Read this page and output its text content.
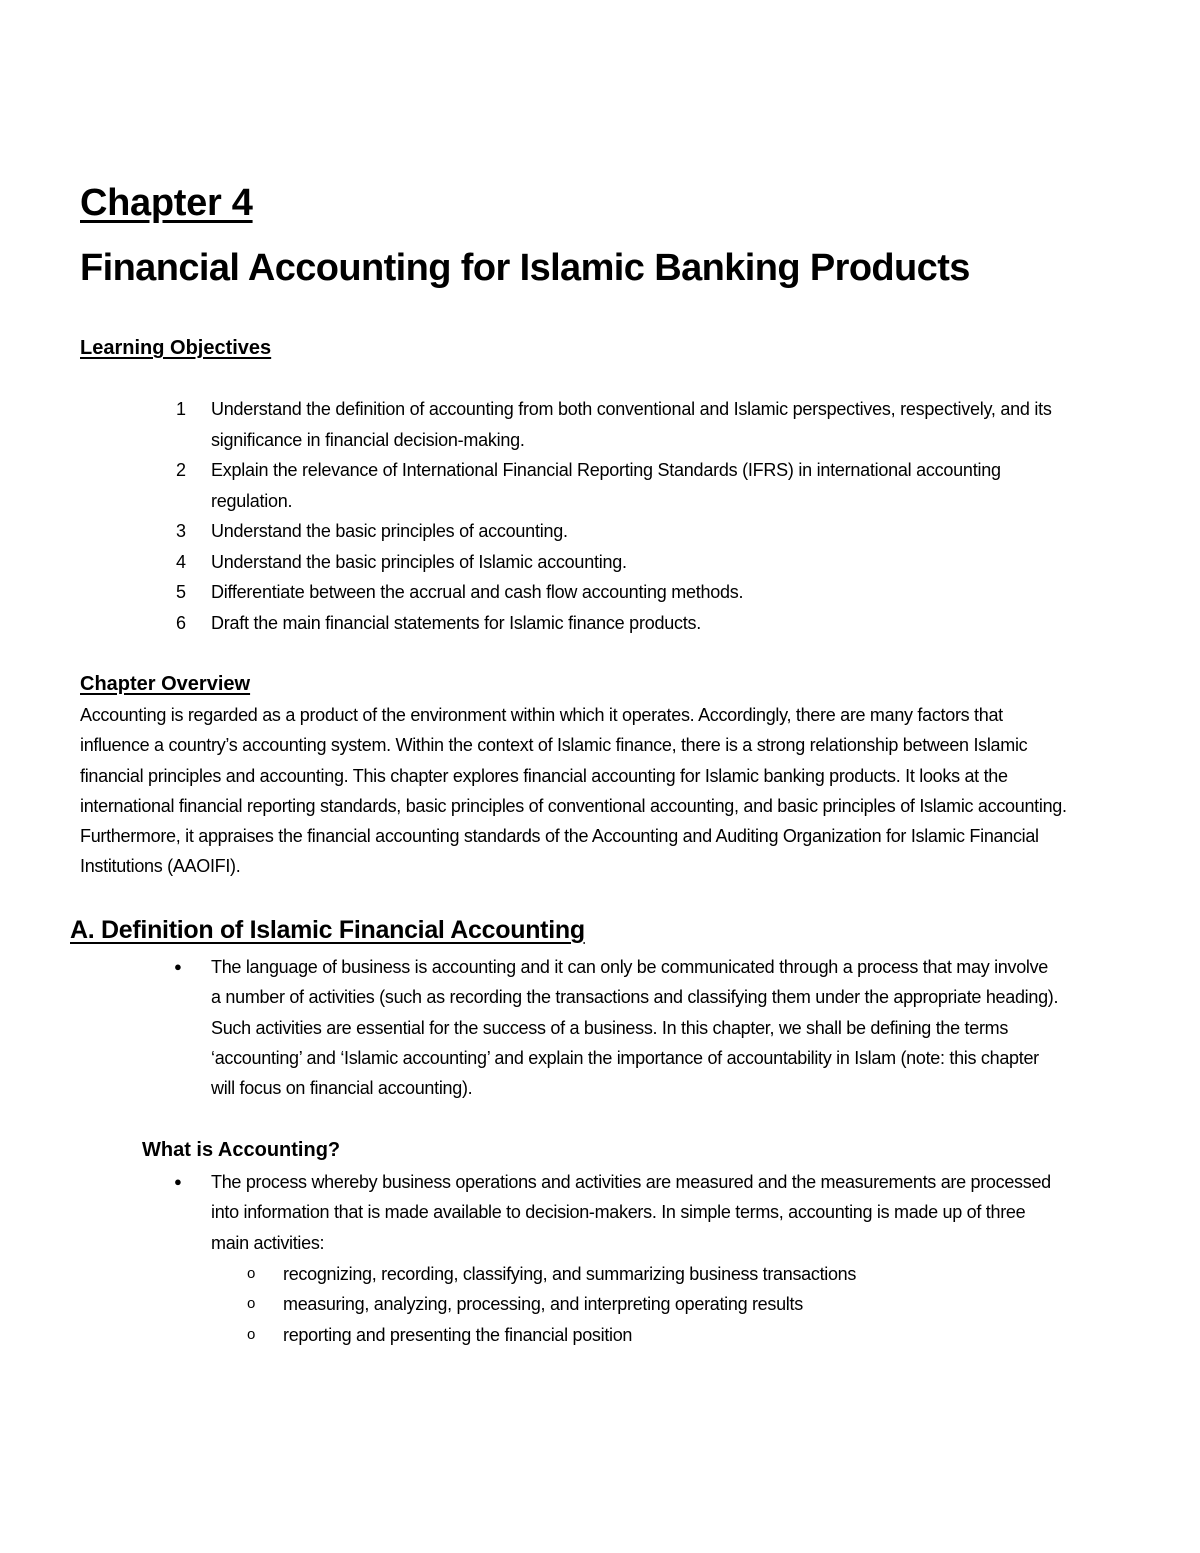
Chapter 4
Financial Accounting for Islamic Banking Products
Learning Objectives
1	Understand the definition of accounting from both conventional and Islamic perspectives, respectively, and its significance in financial decision-making.
2	Explain the relevance of International Financial Reporting Standards (IFRS) in international accounting regulation.
3	Understand the basic principles of accounting.
4	Understand the basic principles of Islamic accounting.
5	Differentiate between the accrual and cash flow accounting methods.
6	Draft the main financial statements for Islamic finance products.
Chapter Overview

Accounting is regarded as a product of the environment within which it operates. Accordingly, there are many factors that influence a country’s accounting system. Within the context of Islamic finance, there is a strong relationship between Islamic financial principles and accounting. This chapter explores financial accounting for Islamic banking products. It looks at the international financial reporting standards, basic principles of conventional accounting, and basic principles of Islamic accounting. Furthermore, it appraises the financial accounting standards of the Accounting and Auditing Organization for Islamic Financial Institutions (AAOIFI).

A. Definition of Islamic Financial Accounting
●	The language of business is accounting and it can only be communicated through a process that may involve a number of activities (such as recording the transactions and classifying them under the appropriate heading). Such activities are essential for the success of a business. In this chapter, we shall be defining the terms ‘accounting’ and ‘Islamic accounting’ and explain the importance of accountability in Islam (note: this chapter will focus on financial accounting).
What is Accounting?
●	The process whereby business operations and activities are measured and the measurements are processed into information that is made available to decision-makers. In simple terms, accounting is made up of three main activities:
o	recognizing, recording, classifying, and summarizing business transactions
o	measuring, analyzing, processing, and interpreting operating results
o	reporting and presenting the financial position
